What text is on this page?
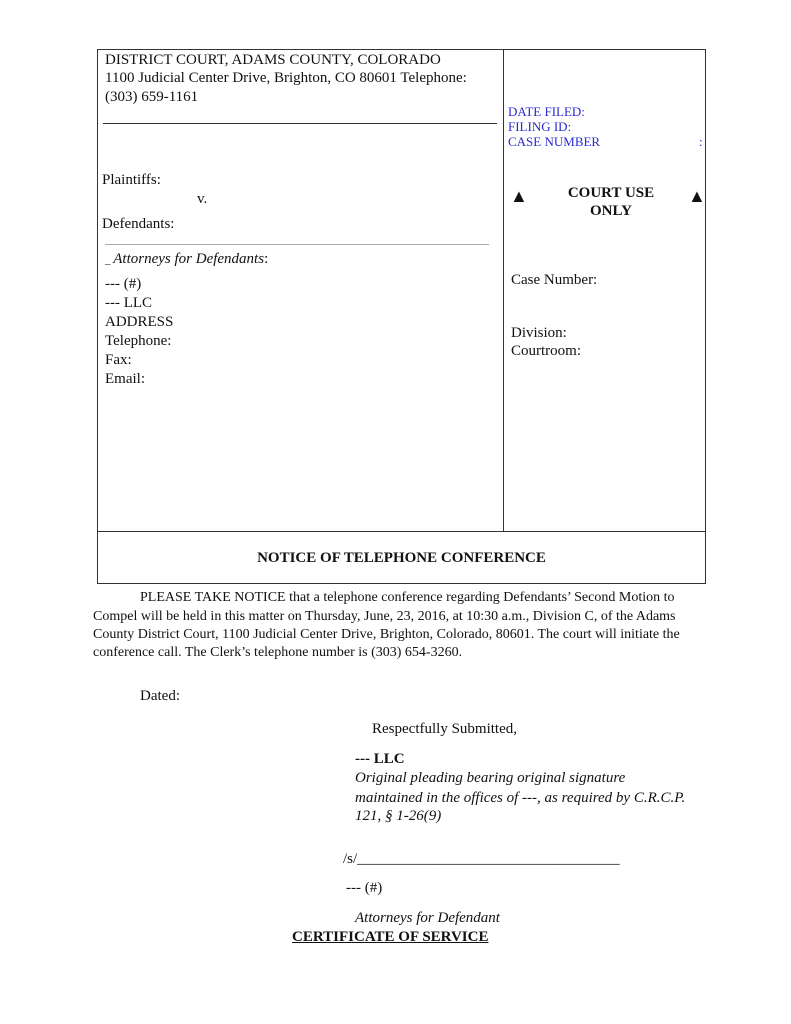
DISTRICT COURT, ADAMS COUNTY, COLORADO
1100 Judicial Center Drive, Brighton, CO 80601 Telephone:
(303) 659-1161
Plaintiffs:
v.
Defendants:
_ Attorneys for Defendants:
--- (#)
--- LLC
ADDRESS
Telephone:
Fax:
Email:
DATE FILED:
FILING ID:
CASE NUMBER	:
▲	▲
COURT USE
ONLY
Case Number:
Division:
Courtroom:
NOTICE OF TELEPHONE CONFERENCE
PLEASE TAKE NOTICE that a telephone conference regarding Defendants’ Second Motion to
Compel will be held in this matter on Thursday, June, 23, 2016, at 10:30 a.m., Division C, of the Adams
County District Court, 1100 Judicial Center Drive, Brighton, Colorado, 80601. The court will initiate the
conference call. The Clerk’s telephone number is (303) 654-3260.
Dated:
Respectfully Submitted,
--- LLC
Original pleading bearing original signature
maintained in the offices of ---, as required by C.R.C.P.
121, § 1-26(9)
/s/___________________________________
--- (#)
Attorneys for Defendant
CERTIFICATE OF SERVICE
